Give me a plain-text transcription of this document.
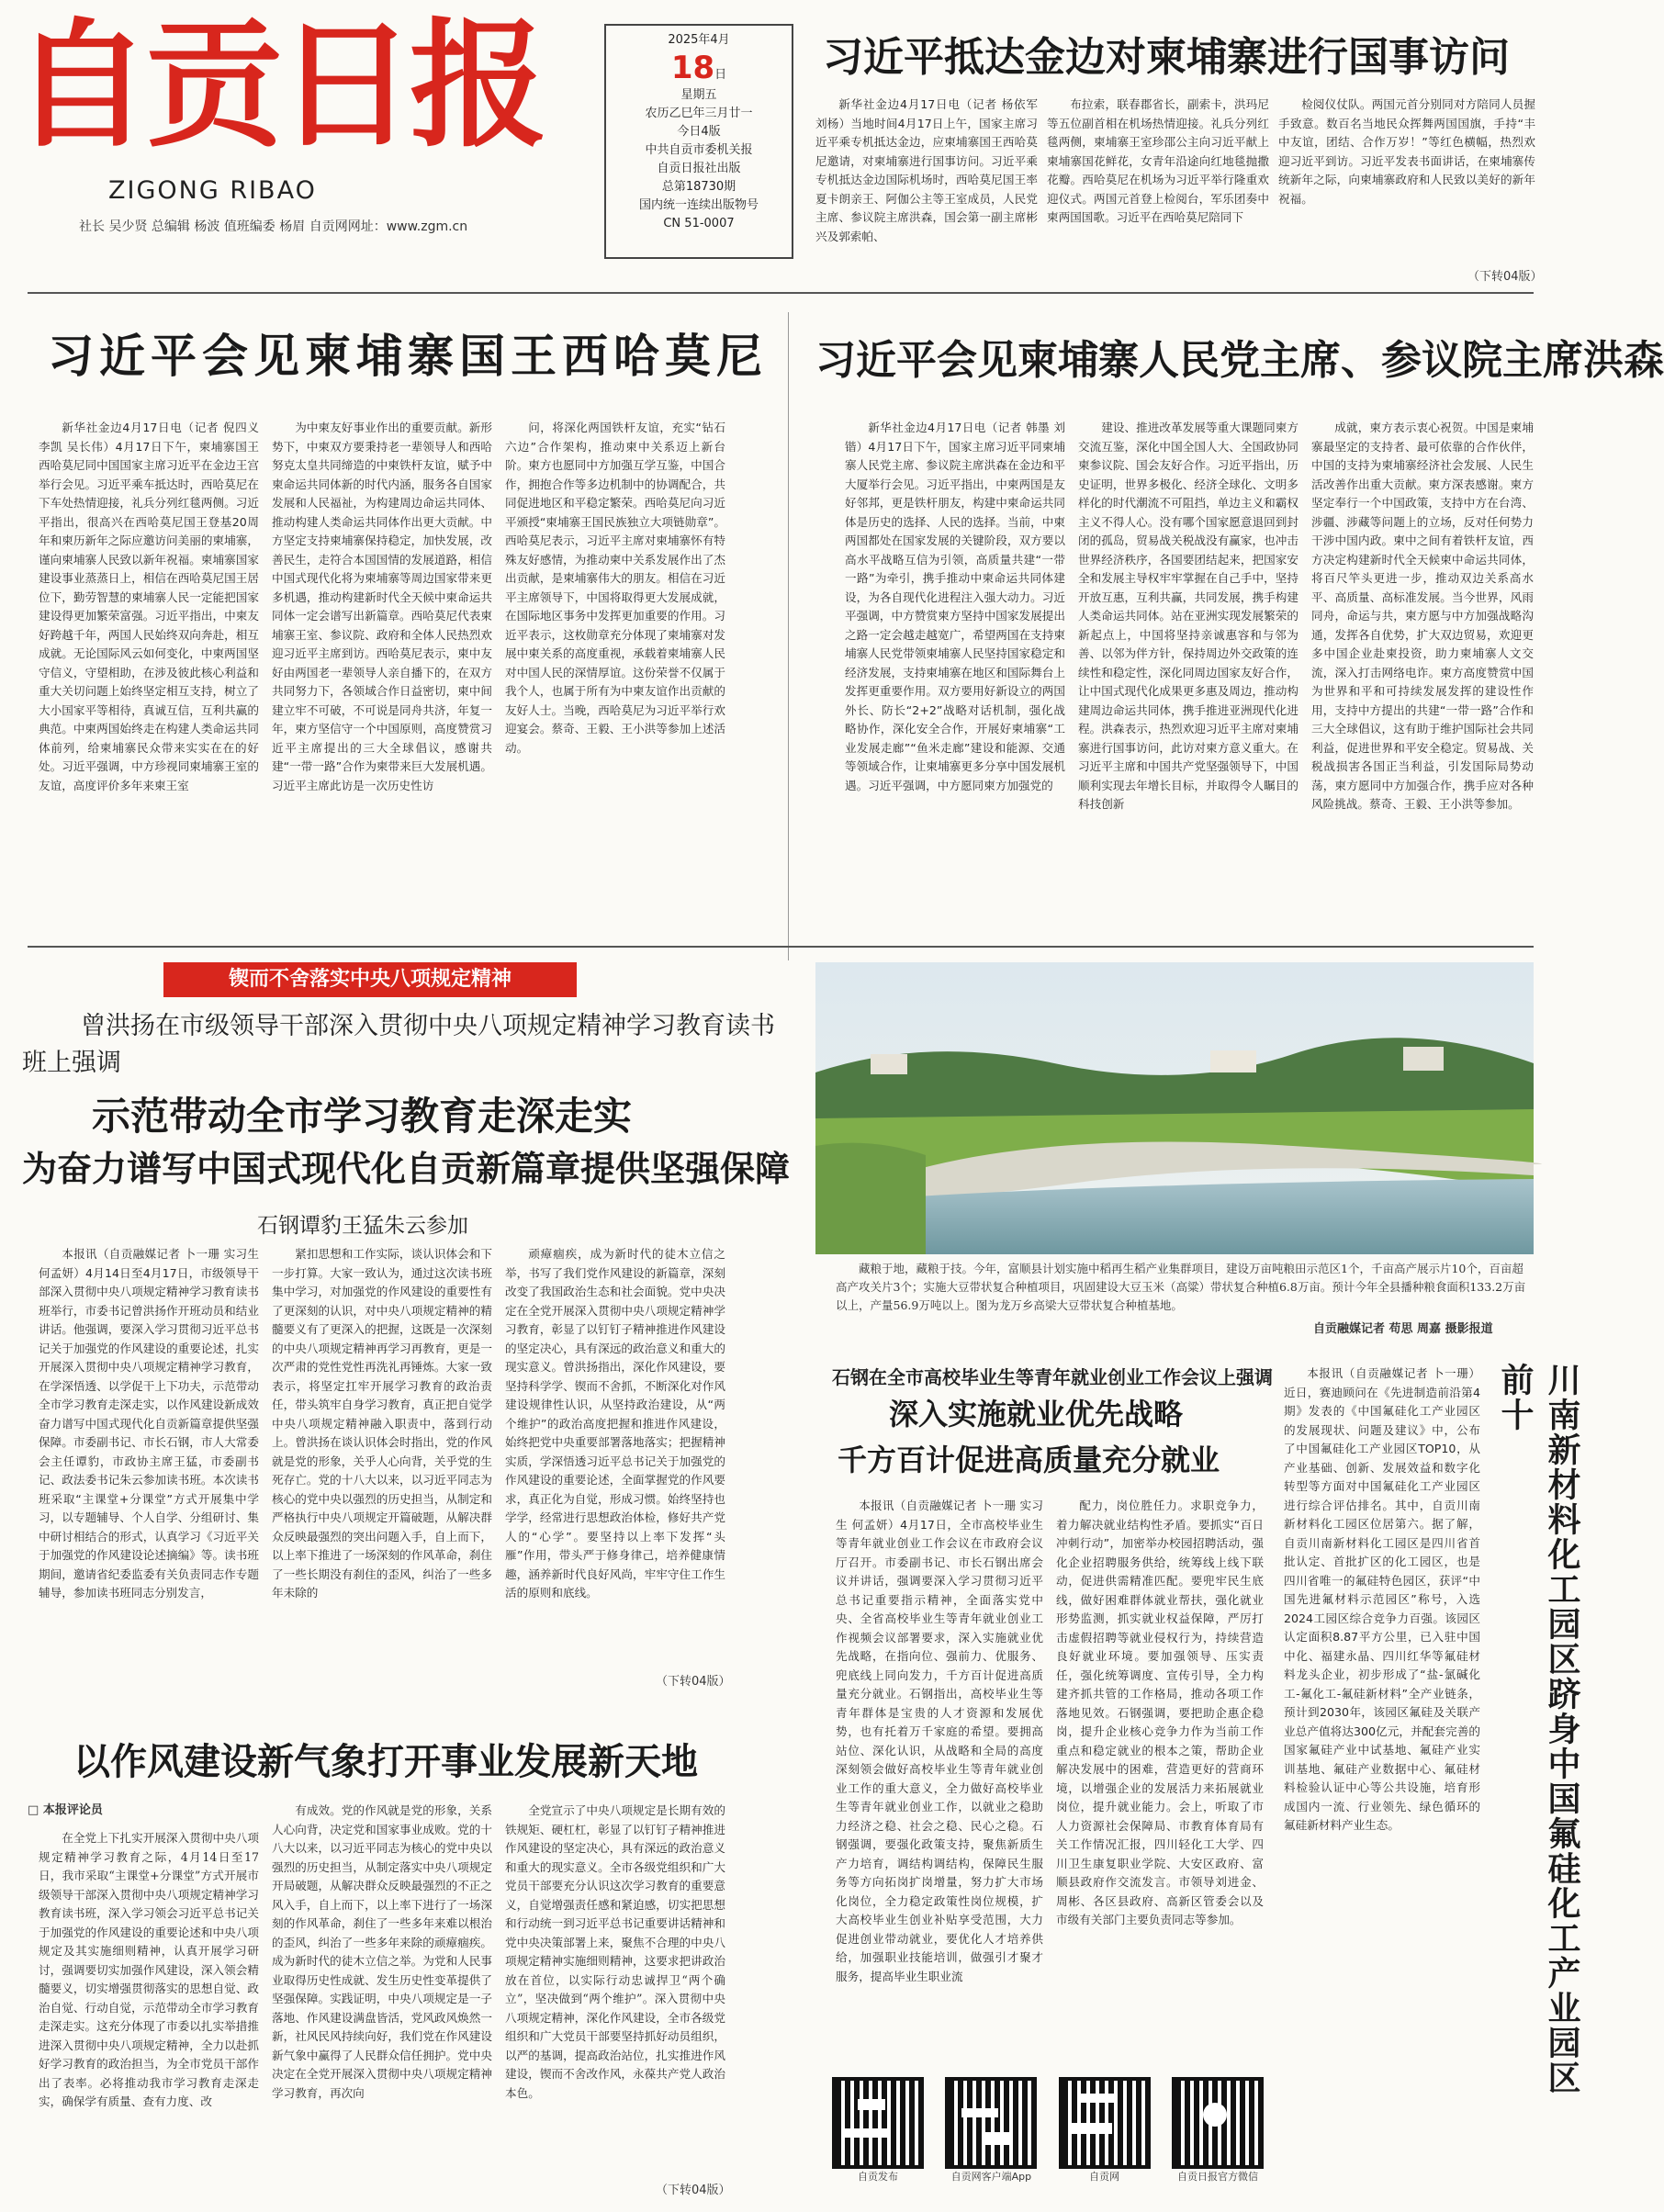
自贡日报
ZIGONG RIBAO
社长 吴少贤 总编辑 杨波 值班编委 杨眉 自贡网网址：www.zgm.cn
2025年4月
18日
星期五
农历乙巳年三月廿一
今日4版
中共自贡市委机关报
自贡日报社出版
总第18730期
国内统一连续出版物号
CN 51-0007
习近平抵达金边对柬埔寨进行国事访问

新华社金边4月17日电（记者 杨依军 刘杨）当地时间4月17日上午，国家主席习近平乘专机抵达金边，应柬埔寨国王西哈莫尼邀请，对柬埔寨进行国事访问。习近平乘专机抵达金边国际机场时，西哈莫尼国王率夏卡朗亲王、阿伽公主等王室成员，人民党主席、参议院主席洪森，国会第一副主席彬兴及郭索帕、

布拉索，联春郡省长，副索卡，洪玛尼等五位副首相在机场热情迎接。礼兵分列红毯两侧，柬埔寨王室珍邵公主向习近平献上柬埔寨国花鲜花，女青年沿途向红地毯抛撒花瓣。西哈莫尼在机场为习近平举行隆重欢迎仪式。两国元首登上检阅台，军乐团奏中柬两国国歌。习近平在西哈莫尼陪同下

检阅仪仗队。两国元首分别同对方陪同人员握手致意。数百名当地民众挥舞两国国旗，手持“丰中友谊，团结、合作万岁！”等红色横幅，热烈欢迎习近平到访。习近平发表书面讲话，在柬埔寨传统新年之际，向柬埔寨政府和人民致以美好的新年祝福。

（下转04版）
习近平会见柬埔寨国王西哈莫尼

新华社金边4月17日电（记者 倪四义 李凯 吴长伟）4月17日下午，柬埔寨国王西哈莫尼同中国国家主席习近平在金边王宫举行会见。习近平乘车抵达时，西哈莫尼在下车处热情迎接，礼兵分列红毯两侧。习近平指出，很高兴在西哈莫尼国王登基20周年和柬历新年之际应邀访问美丽的柬埔寨，谨向柬埔寨人民致以新年祝福。柬埔寨国家建设事业蒸蒸日上，相信在西哈莫尼国王居位下，勤劳智慧的柬埔寨人民一定能把国家建设得更加繁荣富强。习近平指出，中柬友好跨越千年，两国人民始终双向奔赴，相互成就。无论国际风云如何变化，中柬两国坚守信义，守望相助，在涉及彼此核心利益和重大关切问题上始终坚定相互支持，树立了大小国家平等相待，真诚互信，互利共赢的典范。中柬两国始终走在构建人类命运共同体前列，给柬埔寨民众带来实实在在的好处。习近平强调，中方珍视同柬埔寨王室的友谊，高度评价多年来柬王室

为中柬友好事业作出的重要贡献。新形势下，中柬双方要秉持老一辈领导人和西哈努克太皇共同缔造的中柬铁杆友谊，赋予中柬命运共同体新的时代内涵，服务各自国家发展和人民福祉，为构建周边命运共同体、推动构建人类命运共同体作出更大贡献。中方坚定支持柬埔寨保持稳定，加快发展，改善民生，走符合本国国情的发展道路，相信中国式现代化将为柬埔寨等周边国家带来更多机遇，推动构建新时代全天候中柬命运共同体一定会谱写出新篇章。西哈莫尼代表柬埔寨王室、参议院、政府和全体人民热烈欢迎习近平主席到访。西哈莫尼表示，柬中友好由两国老一辈领导人亲自播下的，在双方共同努力下，各领域合作日益密切，柬中间建立牢不可破，不可说是同舟共济，年复一年，柬方坚信守一个中国原则，高度赞赏习近平主席提出的三大全球倡议，感谢共建“一带一路”合作为柬带来巨大发展机遇。习近平主席此访是一次历史性访

问，将深化两国铁杆友谊，充实“钻石六边”合作架构，推动柬中关系迈上新台阶。柬方也愿同中方加强互学互鉴，中国合作，拥抱合作等多边机制中的协调配合，共同促进地区和平稳定繁荣。西哈莫尼向习近平颁授“柬埔寨王国民族独立大项链勋章”。西哈莫尼表示，习近平主席对柬埔寨怀有特殊友好感情，为推动柬中关系发展作出了杰出贡献，是柬埔寨伟大的朋友。相信在习近平主席领导下，中国将取得更大发展成就，在国际地区事务中发挥更加重要的作用。习近平表示，这枚勋章充分体现了柬埔寨对发展中柬关系的高度重视，承载着柬埔寨人民对中国人民的深情厚谊。这份荣誉不仅属于我个人，也属于所有为中柬友谊作出贡献的友好人士。当晚，西哈莫尼为习近平举行欢迎宴会。蔡奇、王毅、王小洪等参加上述活动。

习近平会见柬埔寨人民党主席、参议院主席洪森

新华社金边4月17日电（记者 韩墨 刘锴）4月17日下午，国家主席习近平同柬埔寨人民党主席、参议院主席洪森在金边和平大厦举行会见。习近平指出，中柬两国是友好邻邦，更是铁杆朋友，构建中柬命运共同体是历史的选择、人民的选择。当前，中柬两国都处在国家发展的关键阶段，双方要以高水平战略互信为引领，高质量共建“一带一路”为牵引，携手推动中柬命运共同体建设，为各自现代化进程注入强大动力。习近平强调，中方赞赏柬方坚持中国家发展提出之路一定会越走越宽广，希望两国在支持柬埔寨人民党带领柬埔寨人民坚持国家稳定和经济发展，支持柬埔寨在地区和国际舞台上发挥更重要作用。双方要用好新设立的两国外长、防长“2+2”战略对话机制，强化战略协作，深化安全合作，开展好柬埔寨“工业发展走廊”“鱼米走廊”建设和能源、交通等领域合作，让柬埔寨更多分享中国发展机遇。习近平强调，中方愿同柬方加强党的

建设、推进改革发展等重大课题同柬方交流互鉴，深化中国全国人大、全国政协同柬参议院、国会友好合作。习近平指出，历史证明，世界多极化、经济全球化、文明多样化的时代潮流不可阻挡，单边主义和霸权主义不得人心。没有哪个国家愿意退回到封闭的孤岛，贸易战关税战没有赢家，也冲击世界经济秩序，各国要团结起来，把国家安全和发展主导权牢牢掌握在自己手中，坚持开放互惠，互利共赢，共同发展，携手构建人类命运共同体。站在亚洲实现发展繁荣的新起点上，中国将坚持亲诚惠容和与邻为善、以邻为伴方针，保持周边外交政策的连续性和稳定性，深化同周边国家友好合作，让中国式现代化成果更多惠及周边，推动构建周边命运共同体，携手推进亚洲现代化进程。洪森表示，热烈欢迎习近平主席对柬埔寨进行国事访问，此访对柬方意义重大。在习近平主席和中国共产党坚强领导下，中国顺利实现去年增长目标，并取得令人瞩目的科技创新

成就，柬方表示衷心祝贺。中国是柬埔寨最坚定的支持者、最可依靠的合作伙伴，中国的支持为柬埔寨经济社会发展、人民生活改善作出重大贡献。柬方深表感谢。柬方坚定奉行一个中国政策，支持中方在台湾、涉疆、涉藏等问题上的立场，反对任何势力干涉中国内政。柬中之间有着铁杆友谊，西方决定构建新时代全天候柬中命运共同体，将百尺竿头更进一步，推动双边关系高水平、高质量、高标准发展。当今世界，风雨同舟，命运与共，柬方愿与中方加强战略沟通，发挥各自优势，扩大双边贸易，欢迎更多中国企业赴柬投资，助力柬埔寨人文交流，深入打击网络电诈。柬方高度赞赏中国为世界和平和可持续发展发挥的建设性作用，支持中方提出的共建“一带一路”合作和三大全球倡议，这有助于维护国际社会共同利益，促进世界和平安全稳定。贸易战、关税战损害各国正当利益，引发国际局势动荡，柬方愿同中方加强合作，携手应对各种风险挑战。蔡奇、王毅、王小洪等参加。

锲而不舍落实中央八项规定精神
曾洪扬在市级领导干部深入贯彻中央八项规定精神学习教育读书班上强调
示范带动全市学习教育走深走实
为奋力谱写中国式现代化自贡新篇章提供坚强保障
石钢谭豹王猛朱云参加

本报讯（自贡融媒记者 卜一珊 实习生 何孟妍）4月14日至4月17日，市级领导干部深入贯彻中央八项规定精神学习教育读书班举行，市委书记曾洪扬作开班动员和结业讲话。他强调，要深入学习贯彻习近平总书记关于加强党的作风建设的重要论述，扎实开展深入贯彻中央八项规定精神学习教育，在学深悟透、以学促干上下功夫，示范带动全市学习教育走深走实，以作风建设新成效奋力谱写中国式现代化自贡新篇章提供坚强保障。市委副书记、市长石钢，市人大常委会主任谭豹，市政协主席王猛，市委副书记、政法委书记朱云参加读书班。本次读书班采取“主课堂+分课堂”方式开展集中学习，以专题辅导、个人自学、分组研讨、集中研讨相结合的形式，认真学习《习近平关于加强党的作风建设论述摘编》等。读书班期间，邀请省纪委监委有关负责同志作专题辅导，参加读书班同志分别发言，

紧扣思想和工作实际，谈认识体会和下一步打算。大家一致认为，通过这次读书班集中学习，对加强党的作风建设的重要性有了更深刻的认识，对中央八项规定精神的精髓要义有了更深入的把握，这既是一次深刻的中央八项规定精神再学习再教育，更是一次严肃的党性党性再洗礼再锤炼。大家一致表示，将坚定扛牢开展学习教育的政治责任，带头筑牢自身学习教育，真正把自觉学中央八项规定精神融入职责中，落到行动上。曾洪扬在谈认识体会时指出，党的作风就是党的形象，关乎人心向背，关乎党的生死存亡。党的十八大以来，以习近平同志为核心的党中央以强烈的历史担当，从制定和严格执行中央八项规定开篇破题，从解决群众反映最强烈的突出问题入手，自上而下，以上率下推进了一场深刻的作风革命，刹住了一些长期没有刹住的歪风，纠治了一些多年未除的

顽瘴痼疾，成为新时代的徒木立信之举，书写了我们党作风建设的新篇章，深刻改变了我国政治生态和社会面貌。党中央决定在全党开展深入贯彻中央八项规定精神学习教育，彰显了以钉钉子精神推进作风建设的坚定决心，具有深远的政治意义和重大的现实意义。曾洪扬指出，深化作风建设，要坚持科学学、锲而不舍抓，不断深化对作风建设规律性认识，从坚持政治建设，从“两个维护”的政治高度把握和推进作风建设，始终把党中央重要部署落地落实；把握精神实质，学深悟透习近平总书记关于加强党的作风建设的重要论述，全面掌握党的作风要求，真正化为自觉，形成习惯。始终坚持也学学，经常进行思想政治体检，修好共产党人的“心学”。要坚持以上率下发挥“头雁”作用，带头严于修身律己，培养健康情趣，涵养新时代良好风尚，牢牢守住工作生活的原则和底线。

（下转04版）
以作风建设新气象打开事业发展新天地
□ 本报评论员

在全党上下扎实开展深入贯彻中央八项规定精神学习教育之际，4月14日至17日，我市采取“主课堂+分课堂”方式开展市级领导干部深入贯彻中央八项规定精神学习教育读书班，深入学习领会习近平总书记关于加强党的作风建设的重要论述和中央八项规定及其实施细则精神，认真开展学习研讨，强调要切实加强作风建设，深入领会精髓要义，切实增强贯彻落实的思想自觉、政治自觉、行动自觉，示范带动全市学习教育走深走实。这充分体现了市委以扎实举措推进深入贯彻中央八项规定精神，全力以赴抓好学习教育的政治担当，为全市党员干部作出了表率。必将推动我市学习教育走深走实，确保学有质量、查有力度、改

有成效。党的作风就是党的形象，关系人心向背，决定党和国家事业成败。党的十八大以来，以习近平同志为核心的党中央以强烈的历史担当，从制定落实中央八项规定开局破题，从解决群众反映最强烈的不正之风入手，自上而下，以上率下进行了一场深刻的作风革命，刹住了一些多年来难以根治的歪风，纠治了一些多年来除的顽瘴痼疾。成为新时代的徒木立信之举。为党和人民事业取得历史性成就、发生历史性变革提供了坚强保障。实践证明，中央八项规定是一子落地、作风建设满盘皆活，党风政风焕然一新，社风民风持续向好，我们党在作风建设新气象中赢得了人民群众信任拥护。党中央决定在全党开展深入贯彻中央八项规定精神学习教育，再次向

全党宣示了中央八项规定是长期有效的铁规矩、硬杠杠，彰显了以钉钉子精神推进作风建设的坚定决心，具有深远的政治意义和重大的现实意义。全市各级党组织和广大党员干部要充分认识这次学习教育的重要意义，自觉增强责任感和紧迫感，切实把思想和行动统一到习近平总书记重要讲话精神和党中央决策部署上来，聚焦不合理的中央八项规定精神实施细则精神，这要求把讲政治放在首位，以实际行动忠诚捍卫“两个确立”，坚决做到“两个维护”。深入贯彻中央八项规定精神，深化作风建设，全市各级党组织和广大党员干部要坚持抓好动员组织，以严的基调，提高政治站位，扎实推进作风建设，锲而不舍改作风，永葆共产党人政治本色。

（下转04版）
藏粮于地，藏粮于技。今年，富顺县计划实施中稻再生稻产业集群项目，建设万亩吨粮田示范区1个，千亩高产展示片10个，百亩超高产攻关片3个；实施大豆带状复合种植项目，巩固建设大豆玉米（高粱）带状复合种植6.8万亩。预计今年全县播种粮食面积133.2万亩以上，产量56.9万吨以上。图为龙万乡高梁大豆带状复合种植基地。
自贡融媒记者 苟思 周嘉 摄影报道
石钢在全市高校毕业生等青年就业创业工作会议上强调
深入实施就业优先战略
千方百计促进高质量充分就业

本报讯（自贡融媒记者 卜一珊 实习生 何孟妍）4月17日，全市高校毕业生等青年就业创业工作会议在市政府会议厅召开。市委副书记、市长石钢出席会议并讲话，强调要深入学习贯彻习近平总书记重要指示精神，全面落实党中央、全省高校毕业生等青年就业创业工作视频会议部署要求，深入实施就业优先战略，在指向位、强前力、优服务、兜底线上同向发力，千方百计促进高质量充分就业。石钢指出，高校毕业生等青年群体是宝贵的人才资源和发展优势，也有托着万千家庭的希望。要拥高站位、深化认识，从战略和全局的高度深刻领会做好高校毕业生等青年就业创业工作的重大意义，全力做好高校毕业生等青年就业创业工作，以就业之稳助力经济之稳、社会之稳、民心之稳。石钢强调，要强化政策支持，聚焦新质生产力培育，调结构调结构，保障民生服务等方向拓岗扩岗增量，努力扩大市场化岗位，全力稳定政策性岗位规模，扩大高校毕业生创业补贴享受范围，大力促进创业带动就业，要优化人才培养供给，加强职业技能培训，做强引才聚才服务，提高毕业生职业流

配力，岗位胜任力。求职竞争力，着力解决就业结构性矛盾。要抓实“百日冲刺行动”，加密举办校园招聘活动，强化企业招聘服务供给，统筹线上线下联动，促进供需精准匹配。要兜牢民生底线，做好困难群体就业帮扶，强化就业形势监测，抓实就业权益保障，严厉打击虚假招聘等就业侵权行为，持续营造良好就业环境。要加强领导、压实责任，强化统筹调度、宣传引导，全力构建齐抓共管的工作格局，推动各项工作落地见效。石钢强调，要把助企惠企稳岗，提升企业核心竞争力作为当前工作重点和稳定就业的根本之策，帮助企业解决发展中的困难，营造更好的营商环境，以增强企业的发展活力来拓展就业岗位，提升就业能力。会上，听取了市人力资源社会保障局、市教育体育局有关工作情况汇报，四川轻化工大学、四川卫生康复职业学院、大安区政府、富顺县政府作交流发言。市领导刘进金、周彬、各区县政府、高新区管委会以及市级有关部门主要负责同志等参加。

自贡发布	自贡网客户端App	自贡网	自贡日报官方微信

本报讯（自贡融媒记者 卜一珊）近日，赛迪顾问在《先进制造前沿第4期》发表的《中国氟硅化工产业园区的发展现状、问题及建议》中，公布了中国氟硅化工产业园区TOP10，从产业基础、创新、发展效益和数字化转型等方面对中国氟硅化工产业园区进行综合评估排名。其中，自贡川南新材料化工园区位居第六。据了解，自贡川南新材料化工园区是四川省首批认定、首批扩区的化工园区，也是四川省唯一的氟硅特色园区，获评“中国先进氟材料示范园区”称号，入选2024工园区综合竞争力百强。该园区认定面积8.87平方公里，已入驻中国中化、福建永晶、四川红华等氟硅材料龙头企业，初步形成了“盐-氯碱化工-氟化工-氟硅新材料”全产业链条，预计到2030年，该园区氟硅及关联产业总产值将达300亿元，并配套完善的国家氟硅产业中试基地、氟硅产业实训基地、氟硅产业数据中心、氟硅材料检验认证中心等公共设施，培育形成国内一流、行业领先、绿色循环的氟硅新材料产业生态。	川南新材料化工园区跻身中国氟硅化工产业园区前十
